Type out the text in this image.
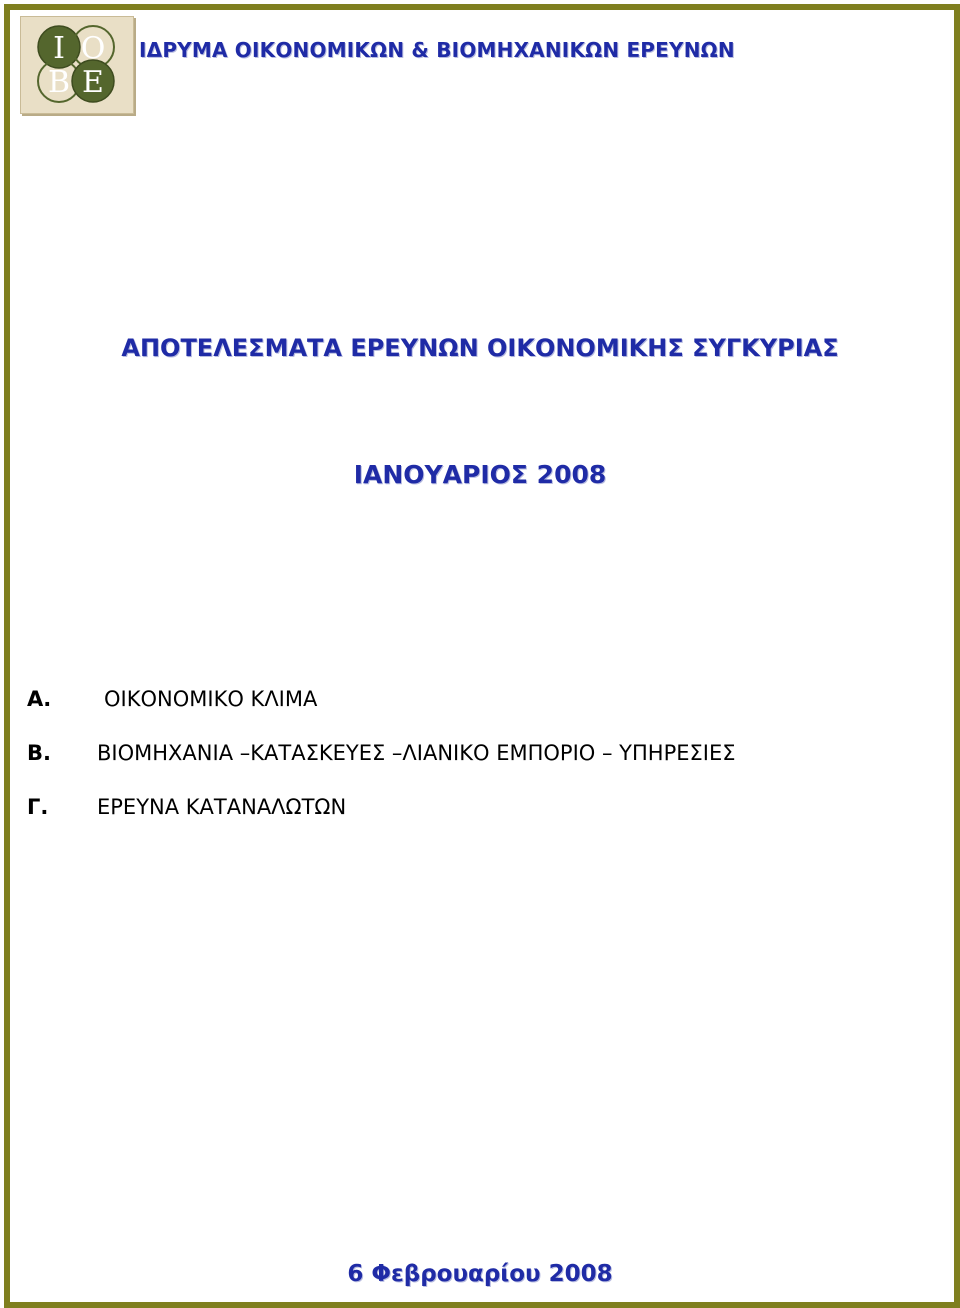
Ι Ο
Β Ε
ΙΔΡΥΜΑ ΟΙΚΟΝΟΜΙΚΩΝ & ΒΙΟΜΗΧΑΝΙΚΩΝ ΕΡΕΥΝΩΝ
ΑΠΟΤΕΛΕΣΜΑΤΑ ΕΡΕΥΝΩΝ ΟΙΚΟΝΟΜΙΚΗΣ ΣΥΓΚΥΡΙΑΣ
ΙΑΝΟΥΑΡΙΟΣ 2008
Α.	ΟΙΚΟΝΟΜΙΚΟ ΚΛΙΜΑ
Β. ΒΙΟΜΗΧΑΝΙΑ –ΚΑΤΑΣΚΕΥΕΣ –ΛΙΑΝΙΚΟ ΕΜΠΟΡΙΟ – ΥΠΗΡΕΣΙΕΣ
Γ. ΕΡΕΥΝΑ ΚΑΤΑΝΑΛΩΤΩΝ
6 Φεβρουαρίου 2008
